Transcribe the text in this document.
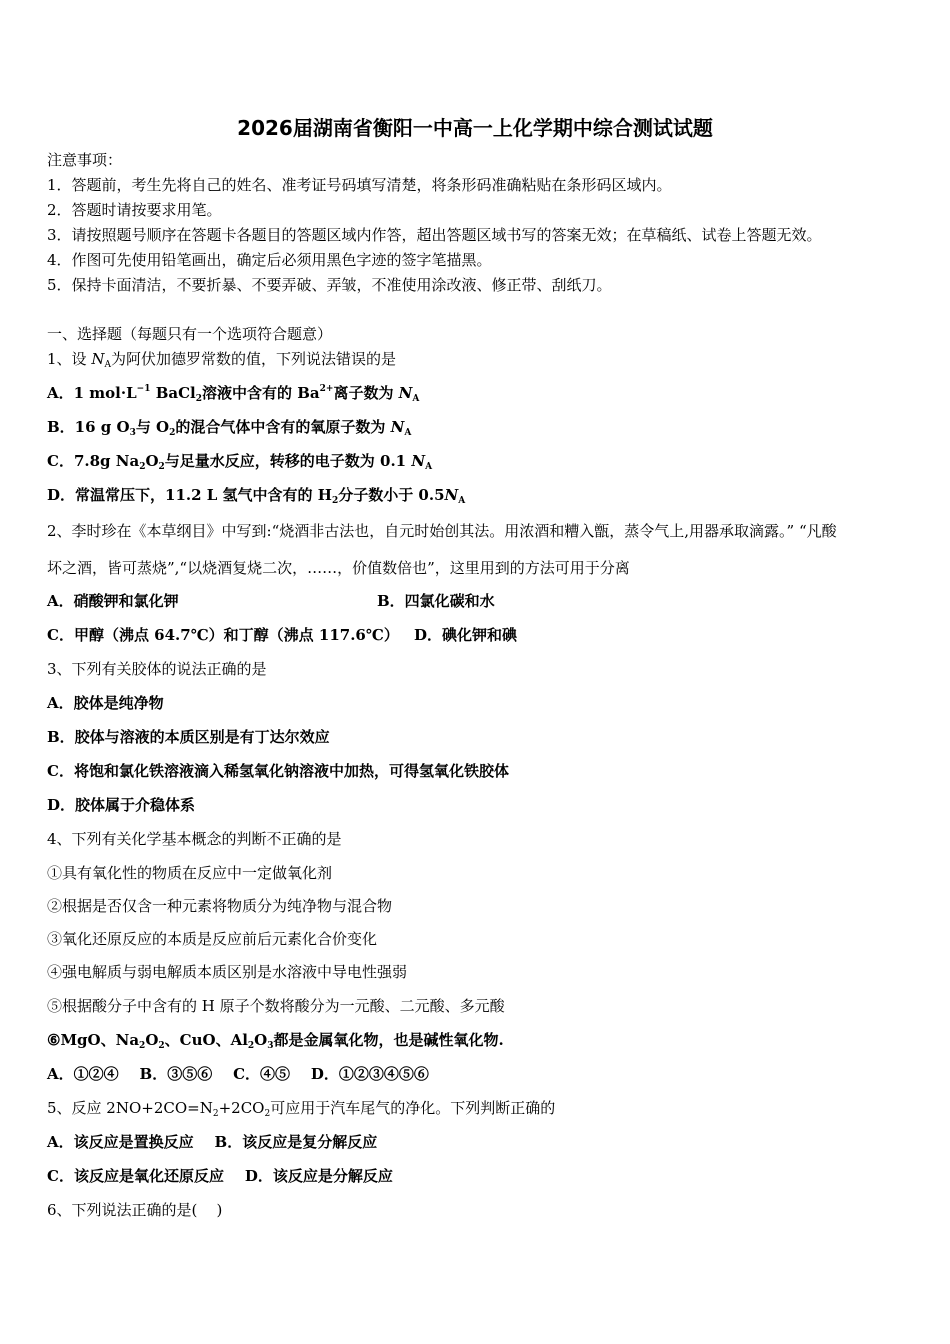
2026届湖南省衡阳一中高一上化学期中综合测试试题
注意事项：
1．答题前，考生先将自己的姓名、准考证号码填写清楚，将条形码准确粘贴在条形码区域内。
2．答题时请按要求用笔。
3．请按照题号顺序在答题卡各题目的答题区域内作答，超出答题区域书写的答案无效；在草稿纸、试卷上答题无效。
4．作图可先使用铅笔画出，确定后必须用黑色字迹的签字笔描黑。
5．保持卡面清洁，不要折暴、不要弄破、弄皱，不准使用涂改液、修正带、刮纸刀。
一、选择题（每题只有一个选项符合题意）
1、设 $N_A$为阿伏加德罗常数的值，下列说法错误的是
A．1 $mol\cdot L^{-1}$ BaCl$_2$溶液中含有的 $Ba^{2+}$离子数为 $N_A$
B．16 g $O_3$与 $O_2$的混合气体中含有的氧原子数为 $N_A$
C．7.8g $Na_2O_2$与足量水反应，转移的电子数为 0.1 $N_A$
D．常温常压下，11.2 L 氢气中含有的 $H_2$分子数小于 $0.5N_A$
2、李时珍在《本草纲目》中写到:“烧酒非古法也，自元时始创其法。用浓酒和糟入甑，蒸令气上,用器承取滴露。” “凡酸
坏之酒，皆可蒸烧”,“以烧酒复烧二次，……，价值数倍也”，这里用到的方法可用于分离
A．硝酸钾和氯化钾	B．四氯化碳和水
C．甲醇（沸点 64.7℃）和丁醇（沸点 117.6℃） D．碘化钾和碘
3、下列有关胶体的说法正确的是
A．胶体是纯净物
B．胶体与溶液的本质区别是有丁达尔效应
C．将饱和氯化铁溶液滴入稀氢氧化钠溶液中加热，可得氢氧化铁胶体
D．胶体属于介稳体系
4、下列有关化学基本概念的判断不正确的是
①具有氧化性的物质在反应中一定做氧化剂
②根据是否仅含一种元素将物质分为纯净物与混合物
③氧化还原反应的本质是反应前后元素化合价变化
④强电解质与弱电解质本质区别是水溶液中导电性强弱
⑤根据酸分子中含有的 H 原子个数将酸分为一元酸、二元酸、多元酸
⑥MgO、$Na_2O_2$、CuO、$Al_2O_3$都是金属氧化物，也是碱性氧化物.
A．①②④    B．③⑤⑥    C．④⑤    D．①②③④⑤⑥
5、反应 $2NO+2CO=N_2+2CO_2$可应用于汽车尾气的净化。下列判断正确的
A．该反应是置换反应    B．该反应是复分解反应
C．该反应是氧化还原反应    D．该反应是分解反应
6、下列说法正确的是(    )
